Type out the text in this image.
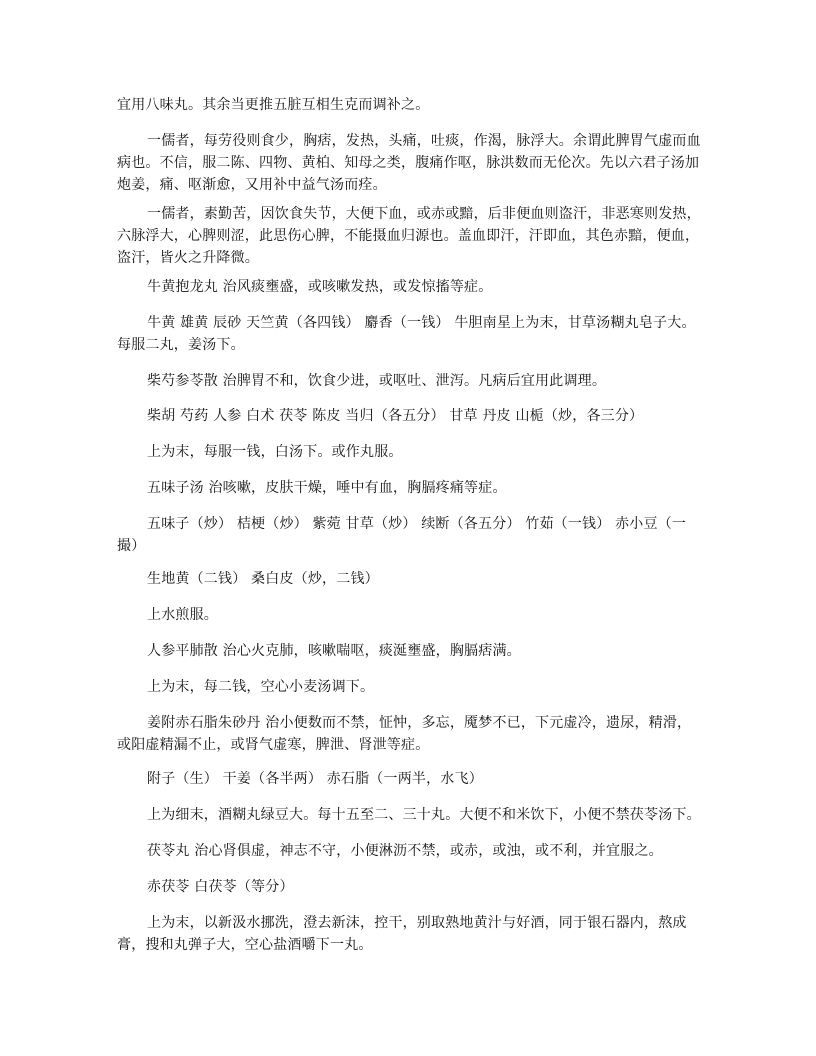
宜用八味丸。其余当更推五脏互相生克而调补之。

一儒者，每劳役则食少，胸痞，发热，头痛，吐痰，作渴，脉浮大。余谓此脾胃气虚而血病也。不信，服二陈、四物、黄柏、知母之类，腹痛作呕，脉洪数而无伦次。先以六君子汤加炮姜，痛、呕渐愈，又用补中益气汤而痊。

一儒者，素勤苦，因饮食失节，大便下血，或赤或黯，后非便血则盗汗，非恶寒则发热，六脉浮大，心脾则涩，此思伤心脾，不能摄血归源也。盖血即汗，汗即血，其色赤黯，便血，盗汗，皆火之升降微。

牛黄抱龙丸 治风痰壅盛，或咳嗽发热，或发惊搐等症。

牛黄 雄黄 辰砂 天竺黄（各四钱） 麝香（一钱） 牛胆南星上为末，甘草汤糊丸皂子大。每服二丸，姜汤下。

柴芍参苓散 治脾胃不和，饮食少进，或呕吐、泄泻。凡病后宜用此调理。

柴胡 芍药 人参 白术 茯苓 陈皮 当归（各五分） 甘草 丹皮 山栀（炒，各三分）

上为末，每服一钱，白汤下。或作丸服。

五味子汤 治咳嗽，皮肤干燥，唾中有血，胸膈疼痛等症。

五味子（炒） 桔梗（炒） 紫菀 甘草（炒） 续断（各五分） 竹茹（一钱） 赤小豆（一撮）

生地黄（二钱） 桑白皮（炒，二钱）

上水煎服。

人参平肺散 治心火克肺，咳嗽喘呕，痰涎壅盛，胸膈痞满。

上为末，每二钱，空心小麦汤调下。

姜附赤石脂朱砂丹 治小便数而不禁，怔忡，多忘，魇梦不已，下元虚冷，遗尿，精滑，或阳虚精漏不止，或肾气虚寒，脾泄、肾泄等症。

附子（生） 干姜（各半两） 赤石脂（一两半，水飞）

上为细末，酒糊丸绿豆大。每十五至二、三十丸。大便不和米饮下，小便不禁茯苓汤下。

茯苓丸 治心肾俱虚，神志不守，小便淋沥不禁，或赤，或浊，或不利，并宜服之。

赤茯苓 白茯苓（等分）

上为末，以新汲水挪洗，澄去新沫，控干，别取熟地黄汁与好酒，同于银石器内，熬成膏，搜和丸弹子大，空心盐酒嚼下一丸。
